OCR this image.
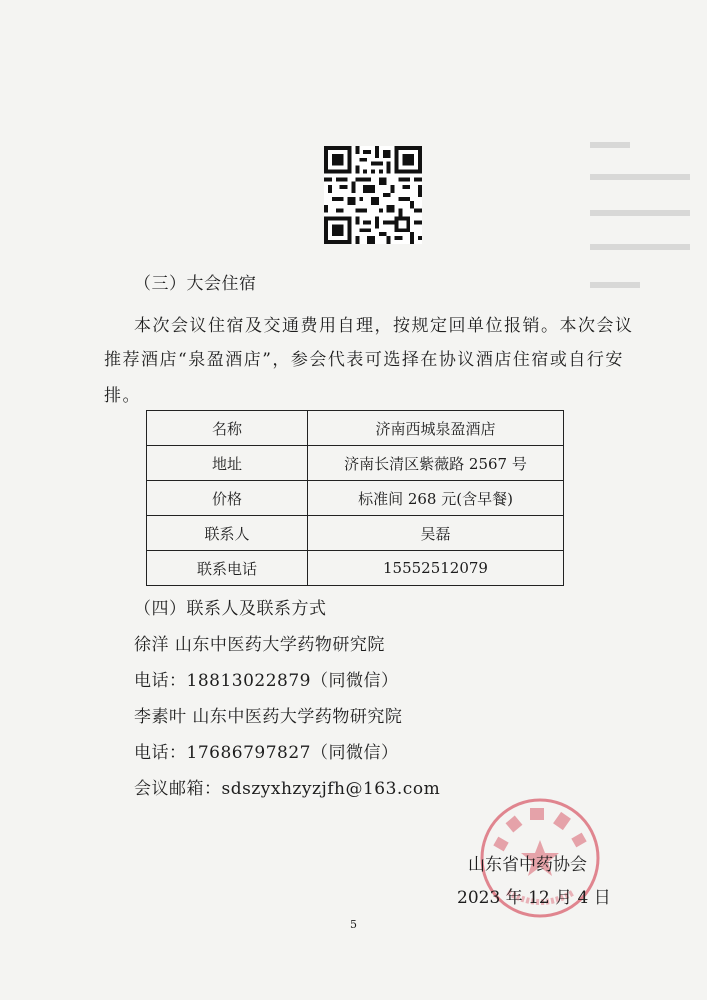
（三）大会住宿
本次会议住宿及交通费用自理，按规定回单位报销。本次会议
推荐酒店“泉盈酒店”，参会代表可选择在协议酒店住宿或自行安
排。
名称	济南西城泉盈酒店
地址	济南长清区紫薇路 2567 号
价格	标准间 268 元(含早餐)
联系人	吴磊
联系电话	15552512079
（四）联系人及联系方式
徐洋 山东中医药大学药物研究院
电话：18813022879（同微信）
李素叶 山东中医药大学药物研究院
电话：17686797827（同微信）
会议邮箱：sdszyxhzyzjfh@163.com
山东省中药协会
2023 年 12 月 4 日
5
